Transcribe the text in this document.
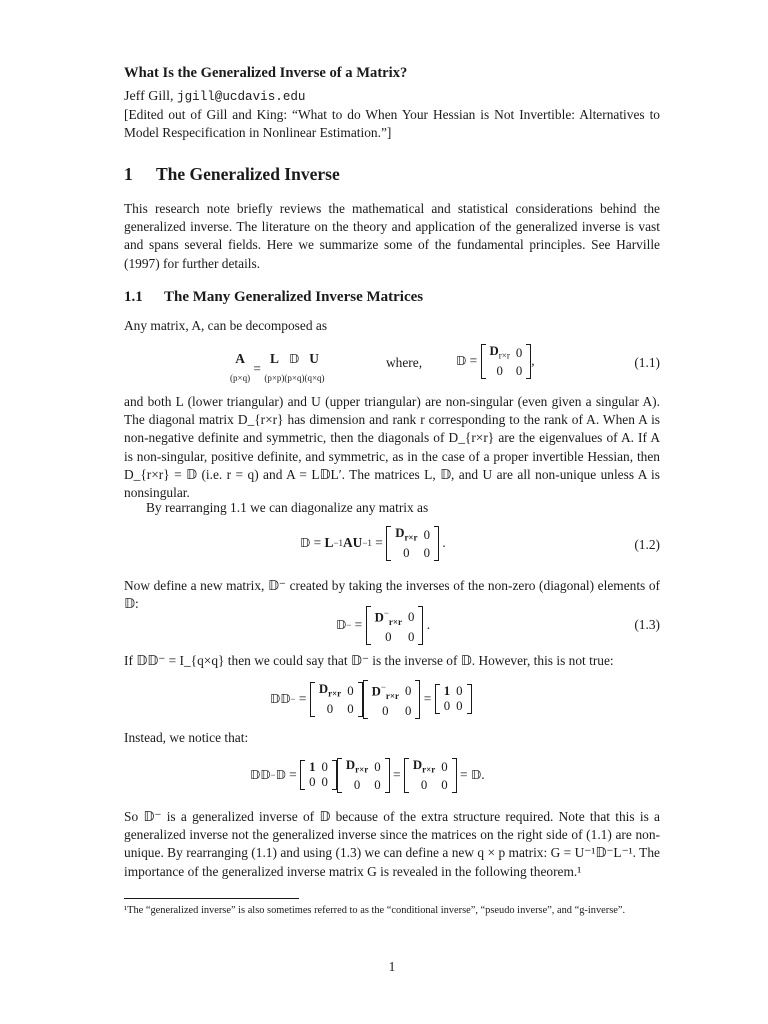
What Is the Generalized Inverse of a Matrix?
Jeff Gill, jgill@ucdavis.edu

[Edited out of Gill and King: “What to do When Your Hessian is Not Invertible: Alternatives to Model Respecification in Nonlinear Estimation.”]

1 The Generalized Inverse

This research note briefly reviews the mathematical and statistical considerations behind the generalized inverse. The literature on the theory and application of the generalized inverse is vast and spans several fields. Here we summarize some of the fundamental principles. See Harville (1997) for further details.

1.1 The Many Generalized Inverse Matrices

Any matrix, A, can be decomposed as

A
(p×q)
=
L 𝔻 U
(p×p)(p×q)(q×q)
where,	𝔻 =
$D_{r\times r}$	0
0	0
,	(1.1)

and both L (lower triangular) and U (upper triangular) are non-singular (even given a singular A). The diagonal matrix D_{r×r} has dimension and rank r corresponding to the rank of A. When A is non-negative definite and symmetric, then the diagonals of D_{r×r} are the eigenvalues of A. If A is non-singular, positive definite, and symmetric, as in the case of a proper invertible Hessian, then D_{r×r} = 𝔻 (i.e. r = q) and A = L𝔻L′. The matrices L, 𝔻, and U are all non-unique unless A is nonsingular.

By rearranging 1.1 we can diagonalize any matrix as

𝔻 = L −1 AU −1 =
$D_{r\times r}$	0
0	0
.	(1.2)

Now define a new matrix, 𝔻⁻ created by taking the inverses of the non-zero (diagonal) elements of 𝔻:

𝔻 − =
$D^-_{r\times r}$	0
0	0
.	(1.3)

If 𝔻𝔻⁻ = I_{q×q} then we could say that 𝔻⁻ is the inverse of 𝔻. However, this is not true:

𝔻𝔻 − =
$D_{r\times r}$	0
0	0
$D^-_{r\times r}$	0
0	0
= 1	0
0	0

Instead, we notice that:

𝔻𝔻 − 𝔻 = 1	0
0	0
$D_{r\times r}$	0
0	0
=
$D_{r\times r}$	0
0	0
= 𝔻 .

So 𝔻⁻ is a generalized inverse of 𝔻 because of the extra structure required. Note that this is a generalized inverse not the generalized inverse since the matrices on the right side of (1.1) are non-unique. By rearranging (1.1) and using (1.3) we can define a new q × p matrix: G = U⁻¹𝔻⁻L⁻¹. The importance of the generalized inverse matrix G is revealed in the following theorem.¹

¹The “generalized inverse” is also sometimes referred to as the “conditional inverse”, “pseudo inverse”, and “g-inverse”.

1
